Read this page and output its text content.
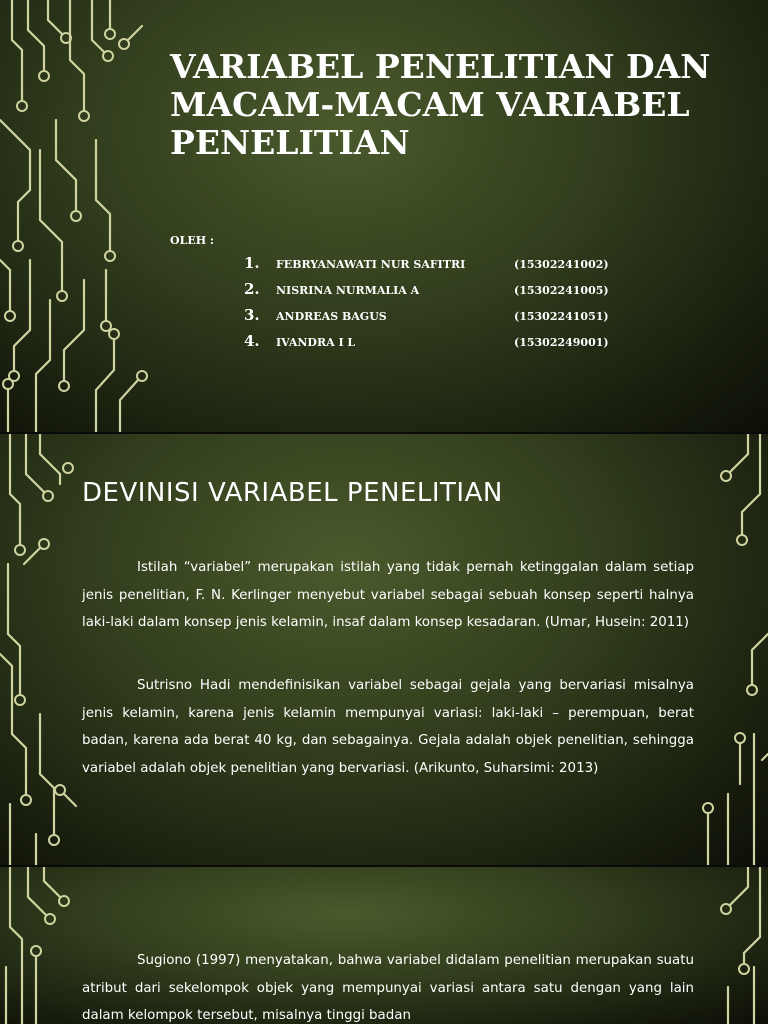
VARIABEL PENELITIAN DAN MACAM-MACAM VARIABEL PENELITIAN
OLEH :
1. FEBRYANAWATI NUR SAFITRI	(15302241002)
2. NISRINA NURMALIA A	(15302241005)
3. ANDREAS BAGUS	(15302241051)
4. IVANDRA I L	(15302249001)
DEVINISI VARIABEL PENELITIAN

Istilah “variabel” merupakan istilah yang tidak pernah ketinggalan dalam setiap jenis penelitian, F. N. Kerlinger menyebut variabel sebagai sebuah konsep seperti halnya laki-laki dalam konsep jenis kelamin, insaf dalam konsep kesadaran. (Umar, Husein: 2011)

Sutrisno Hadi mendefinisikan variabel sebagai gejala yang bervariasi misalnya jenis kelamin, karena jenis kelamin mempunyai variasi: laki-laki – perempuan, berat badan, karena ada berat 40 kg, dan sebagainya. Gejala adalah objek penelitian, sehingga variabel adalah objek penelitian yang bervariasi. (Arikunto, Suharsimi: 2013)

Sugiono (1997) menyatakan, bahwa variabel didalam penelitian merupakan suatu atribut dari sekelompok objek yang mempunyai variasi antara satu dengan yang lain dalam kelompok tersebut, misalnya tinggi badan
